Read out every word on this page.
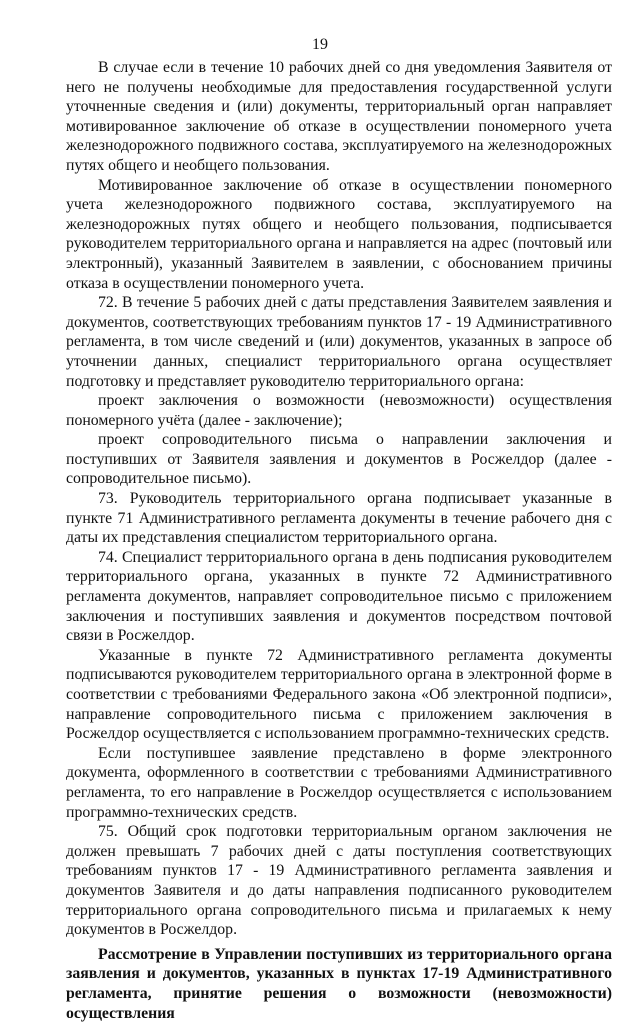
19

В случае если в течение 10 рабочих дней со дня уведомления Заявителя от него не получены необходимые для предоставления государственной услуги уточненные сведения и (или) документы, территориальный орган направляет мотивированное заключение об отказе в осуществлении пономерного учета железнодорожного подвижного состава, эксплуатируемого на железнодорожных путях общего и необщего пользования.

Мотивированное заключение об отказе в осуществлении пономерного учета железнодорожного подвижного состава, эксплуатируемого на железнодорожных путях общего и необщего пользования, подписывается руководителем территориального органа и направляется на адрес (почтовый или электронный), указанный Заявителем в заявлении, с обоснованием причины отказа в осуществлении пономерного учета.

72. В течение 5 рабочих дней с даты представления Заявителем заявления и документов, соответствующих требованиям пунктов 17 - 19 Административного регламента, в том числе сведений и (или) документов, указанных в запросе об уточнении данных, специалист территориального органа осуществляет подготовку и представляет руководителю территориального органа:

проект заключения о возможности (невозможности) осуществления пономерного учёта (далее - заключение);

проект сопроводительного письма о направлении заключения и поступивших от Заявителя заявления и документов в Росжелдор (далее - сопроводительное письмо).

73. Руководитель территориального органа подписывает указанные в пункте 71 Административного регламента документы в течение рабочего дня с даты их представления специалистом территориального органа.

74. Специалист территориального органа в день подписания руководителем территориального органа, указанных в пункте 72 Административного регламента документов, направляет сопроводительное письмо с приложением заключения и поступивших заявления и документов посредством почтовой связи в Росжелдор.

Указанные в пункте 72 Административного регламента документы подписываются руководителем территориального органа в электронной форме в соответствии с требованиями Федерального закона «Об электронной подписи», направление сопроводительного письма с приложением заключения в Росжелдор осуществляется с использованием программно-технических средств.

Если поступившее заявление представлено в форме электронного документа, оформленного в соответствии с требованиями Административного регламента, то его направление в Росжелдор осуществляется с использованием программно-технических средств.

75. Общий срок подготовки территориальным органом заключения не должен превышать 7 рабочих дней с даты поступления соответствующих требованиям пунктов 17 - 19 Административного регламента заявления и документов Заявителя и до даты направления подписанного руководителем территориального органа сопроводительного письма и прилагаемых к нему документов в Росжелдор.

Рассмотрение в Управлении поступивших из территориального органа заявления и документов, указанных в пунктах 17-19 Административного регламента, принятие решения о возможности (невозможности) осуществления
